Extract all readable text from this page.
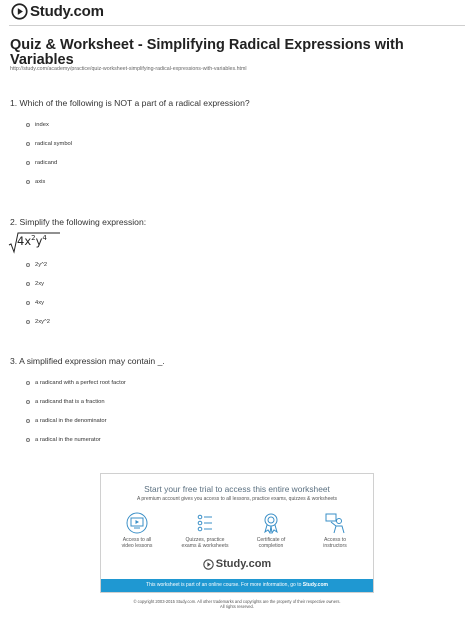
Study.com
Quiz & Worksheet - Simplifying Radical Expressions with Variables
http://study.com/academy/practice/quiz-worksheet-simplifying-radical-expressions-with-variables.html
1. Which of the following is NOT a part of a radical expression?
index
radical symbol
radicand
axis
2. Simplify the following expression:
$4x^2y^4$
2y^2
2xy
4xy
2xy^2
3. A simplified expression may contain _.
a radicand with a perfect root factor
a radicand that is a fraction
a radical in the denominator
a radical in the numerator
Start your free trial to access this entire worksheet
A premium account gives you access to all lessons, practice exams, quizzes & worksheets
Access to all
video lessons
Quizzes, practice
exams & worksheets
Certificate of
completion
Access to
instructors
Study.com
This worksheet is part of an online course. For more information, go to Study.com
© copyright 2003-2015 Study.com. All other trademarks and copyrights are the property of their respective owners.
All rights reserved.
